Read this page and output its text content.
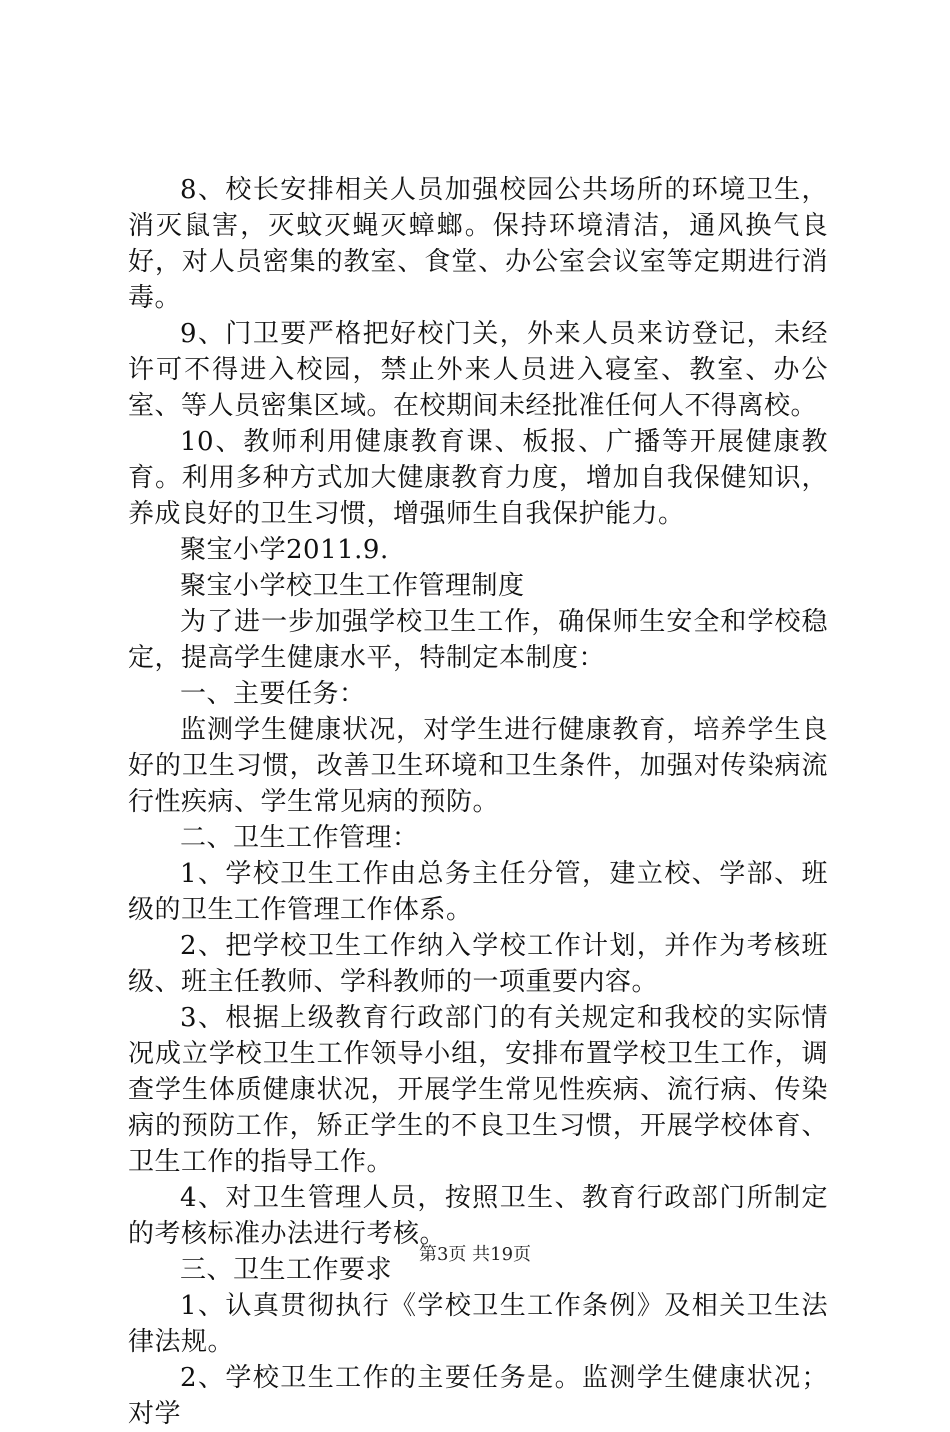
8、校长安排相关人员加强校园公共场所的环境卫生，消灭鼠害，灭蚊灭蝇灭蟑螂。保持环境清洁，通风换气良好，对人员密集的教室、食堂、办公室会议室等定期进行消毒。

9、门卫要严格把好校门关，外来人员来访登记，未经许可不得进入校园，禁止外来人员进入寝室、教室、办公室、等人员密集区域。在校期间未经批准任何人不得离校。

10、教师利用健康教育课、板报、广播等开展健康教育。利用多种方式加大健康教育力度，增加自我保健知识，养成良好的卫生习惯，增强师生自我保护能力。

聚宝小学2011.9.

聚宝小学校卫生工作管理制度

为了进一步加强学校卫生工作，确保师生安全和学校稳定，提高学生健康水平，特制定本制度：

一、主要任务：

监测学生健康状况，对学生进行健康教育，培养学生良好的卫生习惯，改善卫生环境和卫生条件，加强对传染病流行性疾病、学生常见病的预防。

二、卫生工作管理：

1、学校卫生工作由总务主任分管，建立校、学部、班级的卫生工作管理工作体系。

2、把学校卫生工作纳入学校工作计划，并作为考核班级、班主任教师、学科教师的一项重要内容。

3、根据上级教育行政部门的有关规定和我校的实际情况成立学校卫生工作领导小组，安排布置学校卫生工作，调查学生体质健康状况，开展学生常见性疾病、流行病、传染病的预防工作，矫正学生的不良卫生习惯，开展学校体育、卫生工作的指导工作。

4、对卫生管理人员，按照卫生、教育行政部门所制定的考核标准办法进行考核。

三、卫生工作要求

1、认真贯彻执行《学校卫生工作条例》及相关卫生法律法规。

2、学校卫生工作的主要任务是。监测学生健康状况；对学

第3页 共19页
